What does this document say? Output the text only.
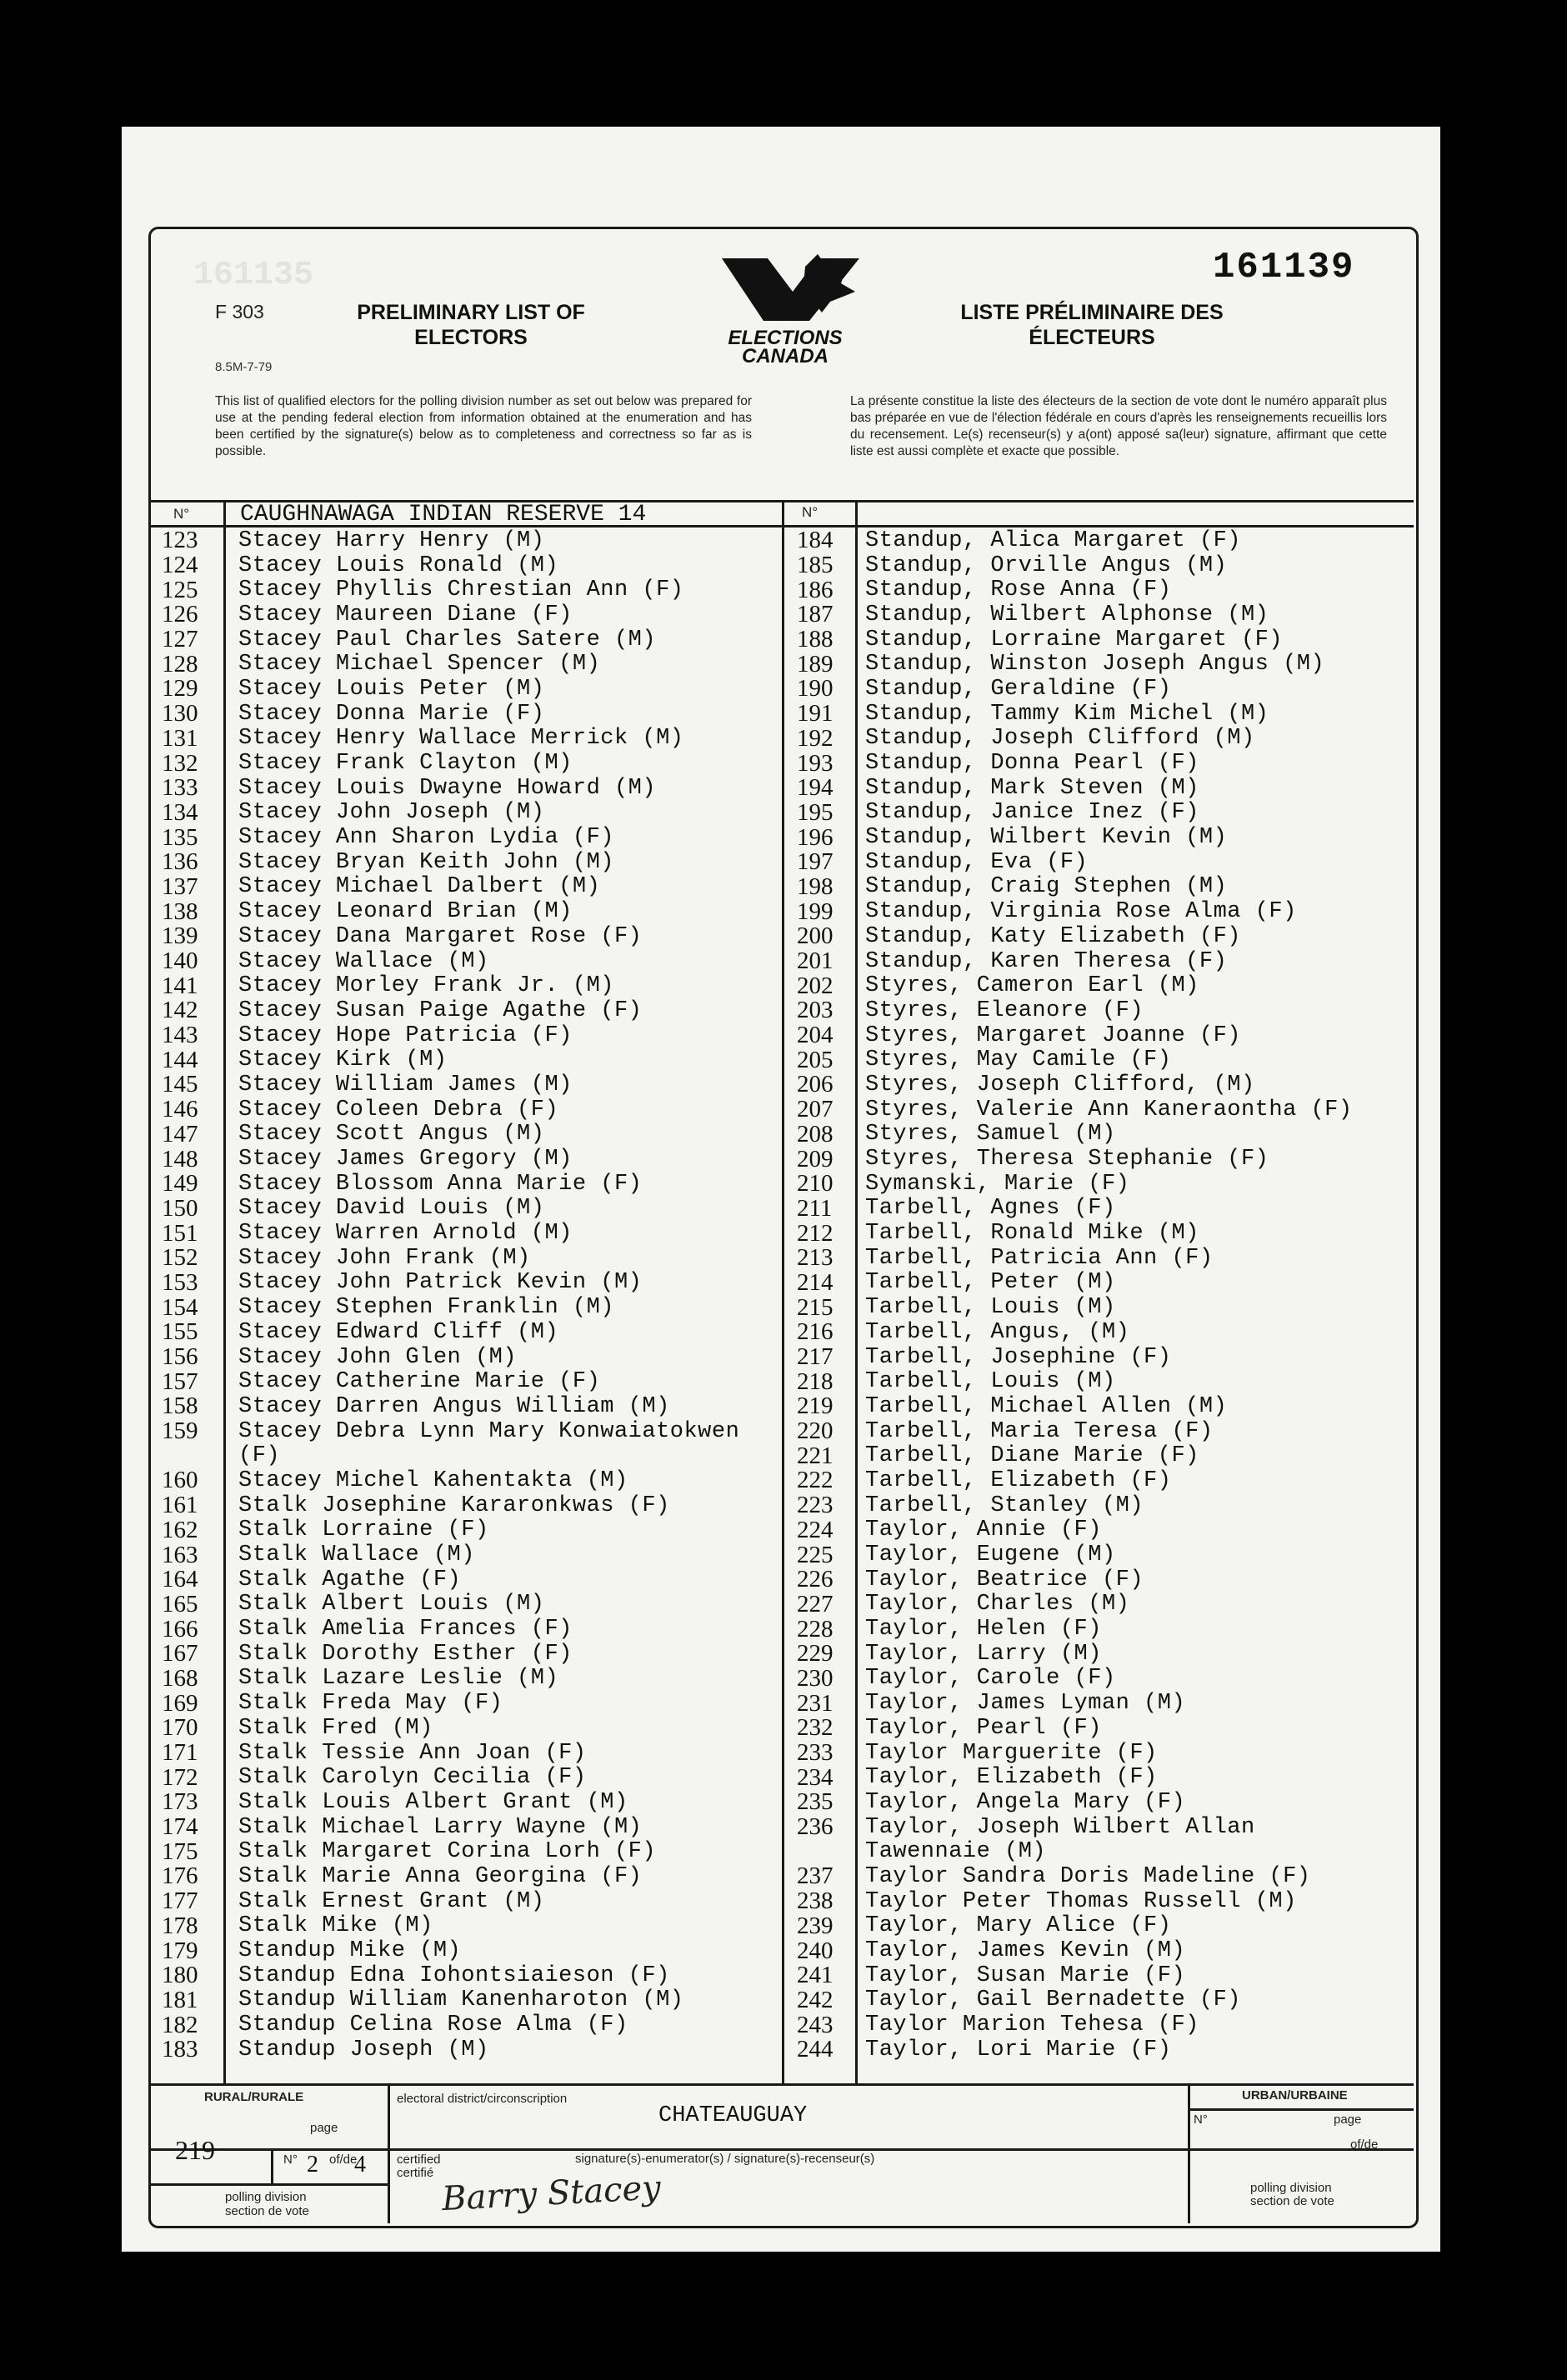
161135	161139
F 303
8.5M-7-79
PRELIMINARY LIST OF
ELECTORS	ELECTIONS
CANADA
LISTE PRÉLIMINAIRE DES
ÉLECTEURS
This list of qualified electors for the polling division number as set out below was prepared for use at the pending federal election from information obtained at the enumeration and has been certified by the signature(s) below as to completeness and correctness so far as is possible.
La présente constitue la liste des électeurs de la section de vote dont le numéro apparaît plus bas préparée en vue de l'élection fédérale en cours d'après les renseignements recueillis lors du recensement. Le(s) recenseur(s) y a(ont) apposé sa(leur) signature, affirmant que cette liste est aussi complète et exacte que possible.
N°	N°
CAUGHNAWAGA INDIAN RESERVE 14
123	Stacey Harry Henry (M)
124	Stacey Louis Ronald (M)
125	Stacey Phyllis Chrestian Ann (F)
126	Stacey Maureen Diane (F)
127	Stacey Paul Charles Satere (M)
128	Stacey Michael Spencer (M)
129	Stacey Louis Peter (M)
130	Stacey Donna Marie (F)
131	Stacey Henry Wallace Merrick (M)
132	Stacey Frank Clayton (M)
133	Stacey Louis Dwayne Howard (M)
134	Stacey John Joseph (M)
135	Stacey Ann Sharon Lydia (F)
136	Stacey Bryan Keith John (M)
137	Stacey Michael Dalbert (M)
138	Stacey Leonard Brian (M)
139	Stacey Dana Margaret Rose (F)
140	Stacey Wallace (M)
141	Stacey Morley Frank Jr. (M)
142	Stacey Susan Paige Agathe (F)
143	Stacey Hope Patricia (F)
144	Stacey Kirk (M)
145	Stacey William James (M)
146	Stacey Coleen Debra (F)
147	Stacey Scott Angus (M)
148	Stacey James Gregory (M)
149	Stacey Blossom Anna Marie (F)
150	Stacey David Louis (M)
151	Stacey Warren Arnold (M)
152	Stacey John Frank (M)
153	Stacey John Patrick Kevin (M)
154	Stacey Stephen Franklin (M)
155	Stacey Edward Cliff (M)
156	Stacey John Glen (M)
157	Stacey Catherine Marie (F)
158	Stacey Darren Angus William (M)
159	Stacey Debra Lynn Mary Konwaiatokwen
(F)
160	Stacey Michel Kahentakta (M)
161	Stalk Josephine Kararonkwas (F)
162	Stalk Lorraine (F)
163	Stalk Wallace (M)
164	Stalk Agathe (F)
165	Stalk Albert Louis (M)
166	Stalk Amelia Frances (F)
167	Stalk Dorothy Esther (F)
168	Stalk Lazare Leslie (M)
169	Stalk Freda May (F)
170	Stalk Fred (M)
171	Stalk Tessie Ann Joan (F)
172	Stalk Carolyn Cecilia (F)
173	Stalk Louis Albert Grant (M)
174	Stalk Michael Larry Wayne (M)
175	Stalk Margaret Corina Lorh (F)
176	Stalk Marie Anna Georgina (F)
177	Stalk Ernest Grant (M)
178	Stalk Mike (M)
179	Standup Mike (M)
180	Standup Edna Iohontsiaieson (F)
181	Standup William Kanenharoton (M)
182	Standup Celina Rose Alma (F)
183	Standup Joseph (M)
184	Standup, Alica Margaret (F)
185	Standup, Orville Angus (M)
186	Standup, Rose Anna (F)
187	Standup, Wilbert Alphonse (M)
188	Standup, Lorraine Margaret (F)
189	Standup, Winston Joseph Angus (M)
190	Standup, Geraldine (F)
191	Standup, Tammy Kim Michel (M)
192	Standup, Joseph Clifford (M)
193	Standup, Donna Pearl (F)
194	Standup, Mark Steven (M)
195	Standup, Janice Inez (F)
196	Standup, Wilbert Kevin (M)
197	Standup, Eva (F)
198	Standup, Craig Stephen (M)
199	Standup, Virginia Rose Alma (F)
200	Standup, Katy Elizabeth (F)
201	Standup, Karen Theresa (F)
202	Styres, Cameron Earl (M)
203	Styres, Eleanore (F)
204	Styres, Margaret Joanne (F)
205	Styres, May Camile (F)
206	Styres, Joseph Clifford, (M)
207	Styres, Valerie Ann Kaneraontha (F)
208	Styres, Samuel (M)
209	Styres, Theresa Stephanie (F)
210	Symanski, Marie (F)
211	Tarbell, Agnes (F)
212	Tarbell, Ronald Mike (M)
213	Tarbell, Patricia Ann (F)
214	Tarbell, Peter (M)
215	Tarbell, Louis (M)
216	Tarbell, Angus, (M)
217	Tarbell, Josephine (F)
218	Tarbell, Louis (M)
219	Tarbell, Michael Allen (M)
220	Tarbell, Maria Teresa (F)
221	Tarbell, Diane Marie (F)
222	Tarbell, Elizabeth (F)
223	Tarbell, Stanley (M)
224	Taylor, Annie (F)
225	Taylor, Eugene (M)
226	Taylor, Beatrice (F)
227	Taylor, Charles (M)
228	Taylor, Helen (F)
229	Taylor, Larry (M)
230	Taylor, Carole (F)
231	Taylor, James Lyman (M)
232	Taylor, Pearl (F)
233	Taylor Marguerite (F)
234	Taylor, Elizabeth (F)
235	Taylor, Angela Mary (F)
236	Taylor, Joseph Wilbert Allan
Tawennaie (M)
237	Taylor Sandra Doris Madeline (F)
238	Taylor Peter Thomas Russell (M)
239	Taylor, Mary Alice (F)
240	Taylor, James Kevin (M)
241	Taylor, Susan Marie (F)
242	Taylor, Gail Bernadette (F)
243	Taylor Marion Tehesa (F)
244	Taylor, Lori Marie (F)
RURAL/RURALE
page
219	N° 2 of/de
4
polling division
section de vote
electoral district/circonscription
CHATEAUGUAY
certified
certifié
signature(s)-enumerator(s) / signature(s)-recenseur(s)
Barry Stacey
URBAN/URBAINE
N°	page
of/de
polling division
section de vote
